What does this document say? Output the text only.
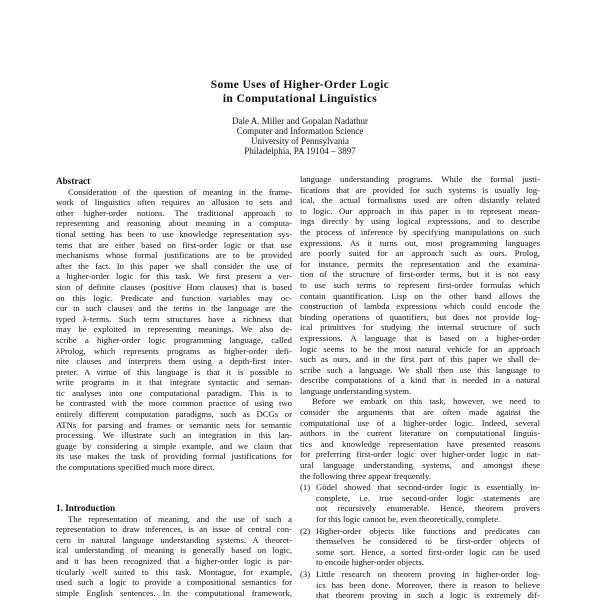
Some Uses of Higher-Order Logic
in Computational Linguistics
Dale A. Miller and Gopalan Nadathur
Computer and Information Science
University of Pennsylvania
Philadelphia, PA 19104 – 3897
Abstract
Consideration of the question of meaning in the frame-
work of linguistics often requires an allusion to sets and
other higher-order notions. The traditional approach to
representing and reasoning about meaning in a computa-
tional setting has been to use knowledge representation sys-
tems that are either based on first-order logic or that use
mechanisms whose formal justifications are to be provided
after the fact. In this paper we shall consider the use of
a higher-order logic for this task. We first present a ver-
sion of definite clauses (positive Horn clauses) that is based
on this logic. Predicate and function variables may oc-
cur in such clauses and the terms in the language are the
typed λ-terms. Such term structures have a richness that
may be exploited in representing meanings. We also de-
scribe a higher-order logic programming language, called
λProlog, which represents programs as higher-order defi-
nite clauses and interprets them using a depth-first inter-
preter. A virtue of this language is that it is possible to
write programs in it that integrate syntactic and seman-
tic analyses into one computational paradigm. This is to
be contrasted with the more common practice of using two
entirely different computation paradigms, such as DCGs or
ATNs for parsing and frames or semantic nets for semantic
processing. We illustrate such an integration in this lan-
guage by considering a simple example, and we claim that
its use makes the task of providing formal justifications for
the computations specified much more direct.
1. Introduction
The representation of meaning, and the use of such a
representation to draw inferences, is an issue of central con-
cern in natural language understanding systems. A theoret-
ical understanding of meaning is generally based on logic,
and it has been recognized that a higher-order logic is par-
ticularly well suited to this task. Montague, for example,
used such a logic to provide a compositional semantics for
simple English sentences. In the computational framework,
language understanding programs. While the formal justi-
fications that are provided for such systems is usually log-
ical, the actual formalisms used are often distantly related
to logic. Our approach in this paper is to represent mean-
ings directly by using logical expressions, and to describe
the process of inference by specifying manipulations on such
expressions. As it turns out, most programming languages
are poorly suited for an approach such as ours. Prolog,
for instance, permits the representation and the examina-
tion of the structure of first-order terms, but it is not easy
to use such terms to represent first-order formulas which
contain quantification. Lisp on the other hand allows the
construction of lambda expressions which could encode the
binding operations of quantifiers, but does not provide log-
ical primitives for studying the internal structure of such
expressions. A language that is based on a higher-order
logic seems to be the most natural vehicle for an approach
such as ours, and in the first part of this paper we shall de-
scribe such a language. We shall then use this language to
describe computations of a kind that is needed in a natural
language understanding system.
Before we embark on this task, however, we need to
consider the arguments that are often made against the
computational use of a higher-order logic. Indeed, several
authors in the current literature on computational linguis-
tics and knowledge representation have presented reasons
for preferring first-order logic over higher-order logic in nat-
ural language understanding systems, and amongst these
the following three appear frequently.
(1) Gödel showed that second-order logic is essentially in-
complete, i.e. true second-order logic statements are
not recursively enumerable. Hence, theorem provers
for this logic cannot be, even theoretically, complete.
(2) Higher-order objects like functions and predicates can
themselves be considered to be first-order objects of
some sort. Hence, a sorted first-order logic can be used
to encode higher-order objects.
(3) Little research on theorem proving in higher-order log-
ics has been done. Moreover, there is reason to believe
that theorem proving in such a logic is extremely dif-
